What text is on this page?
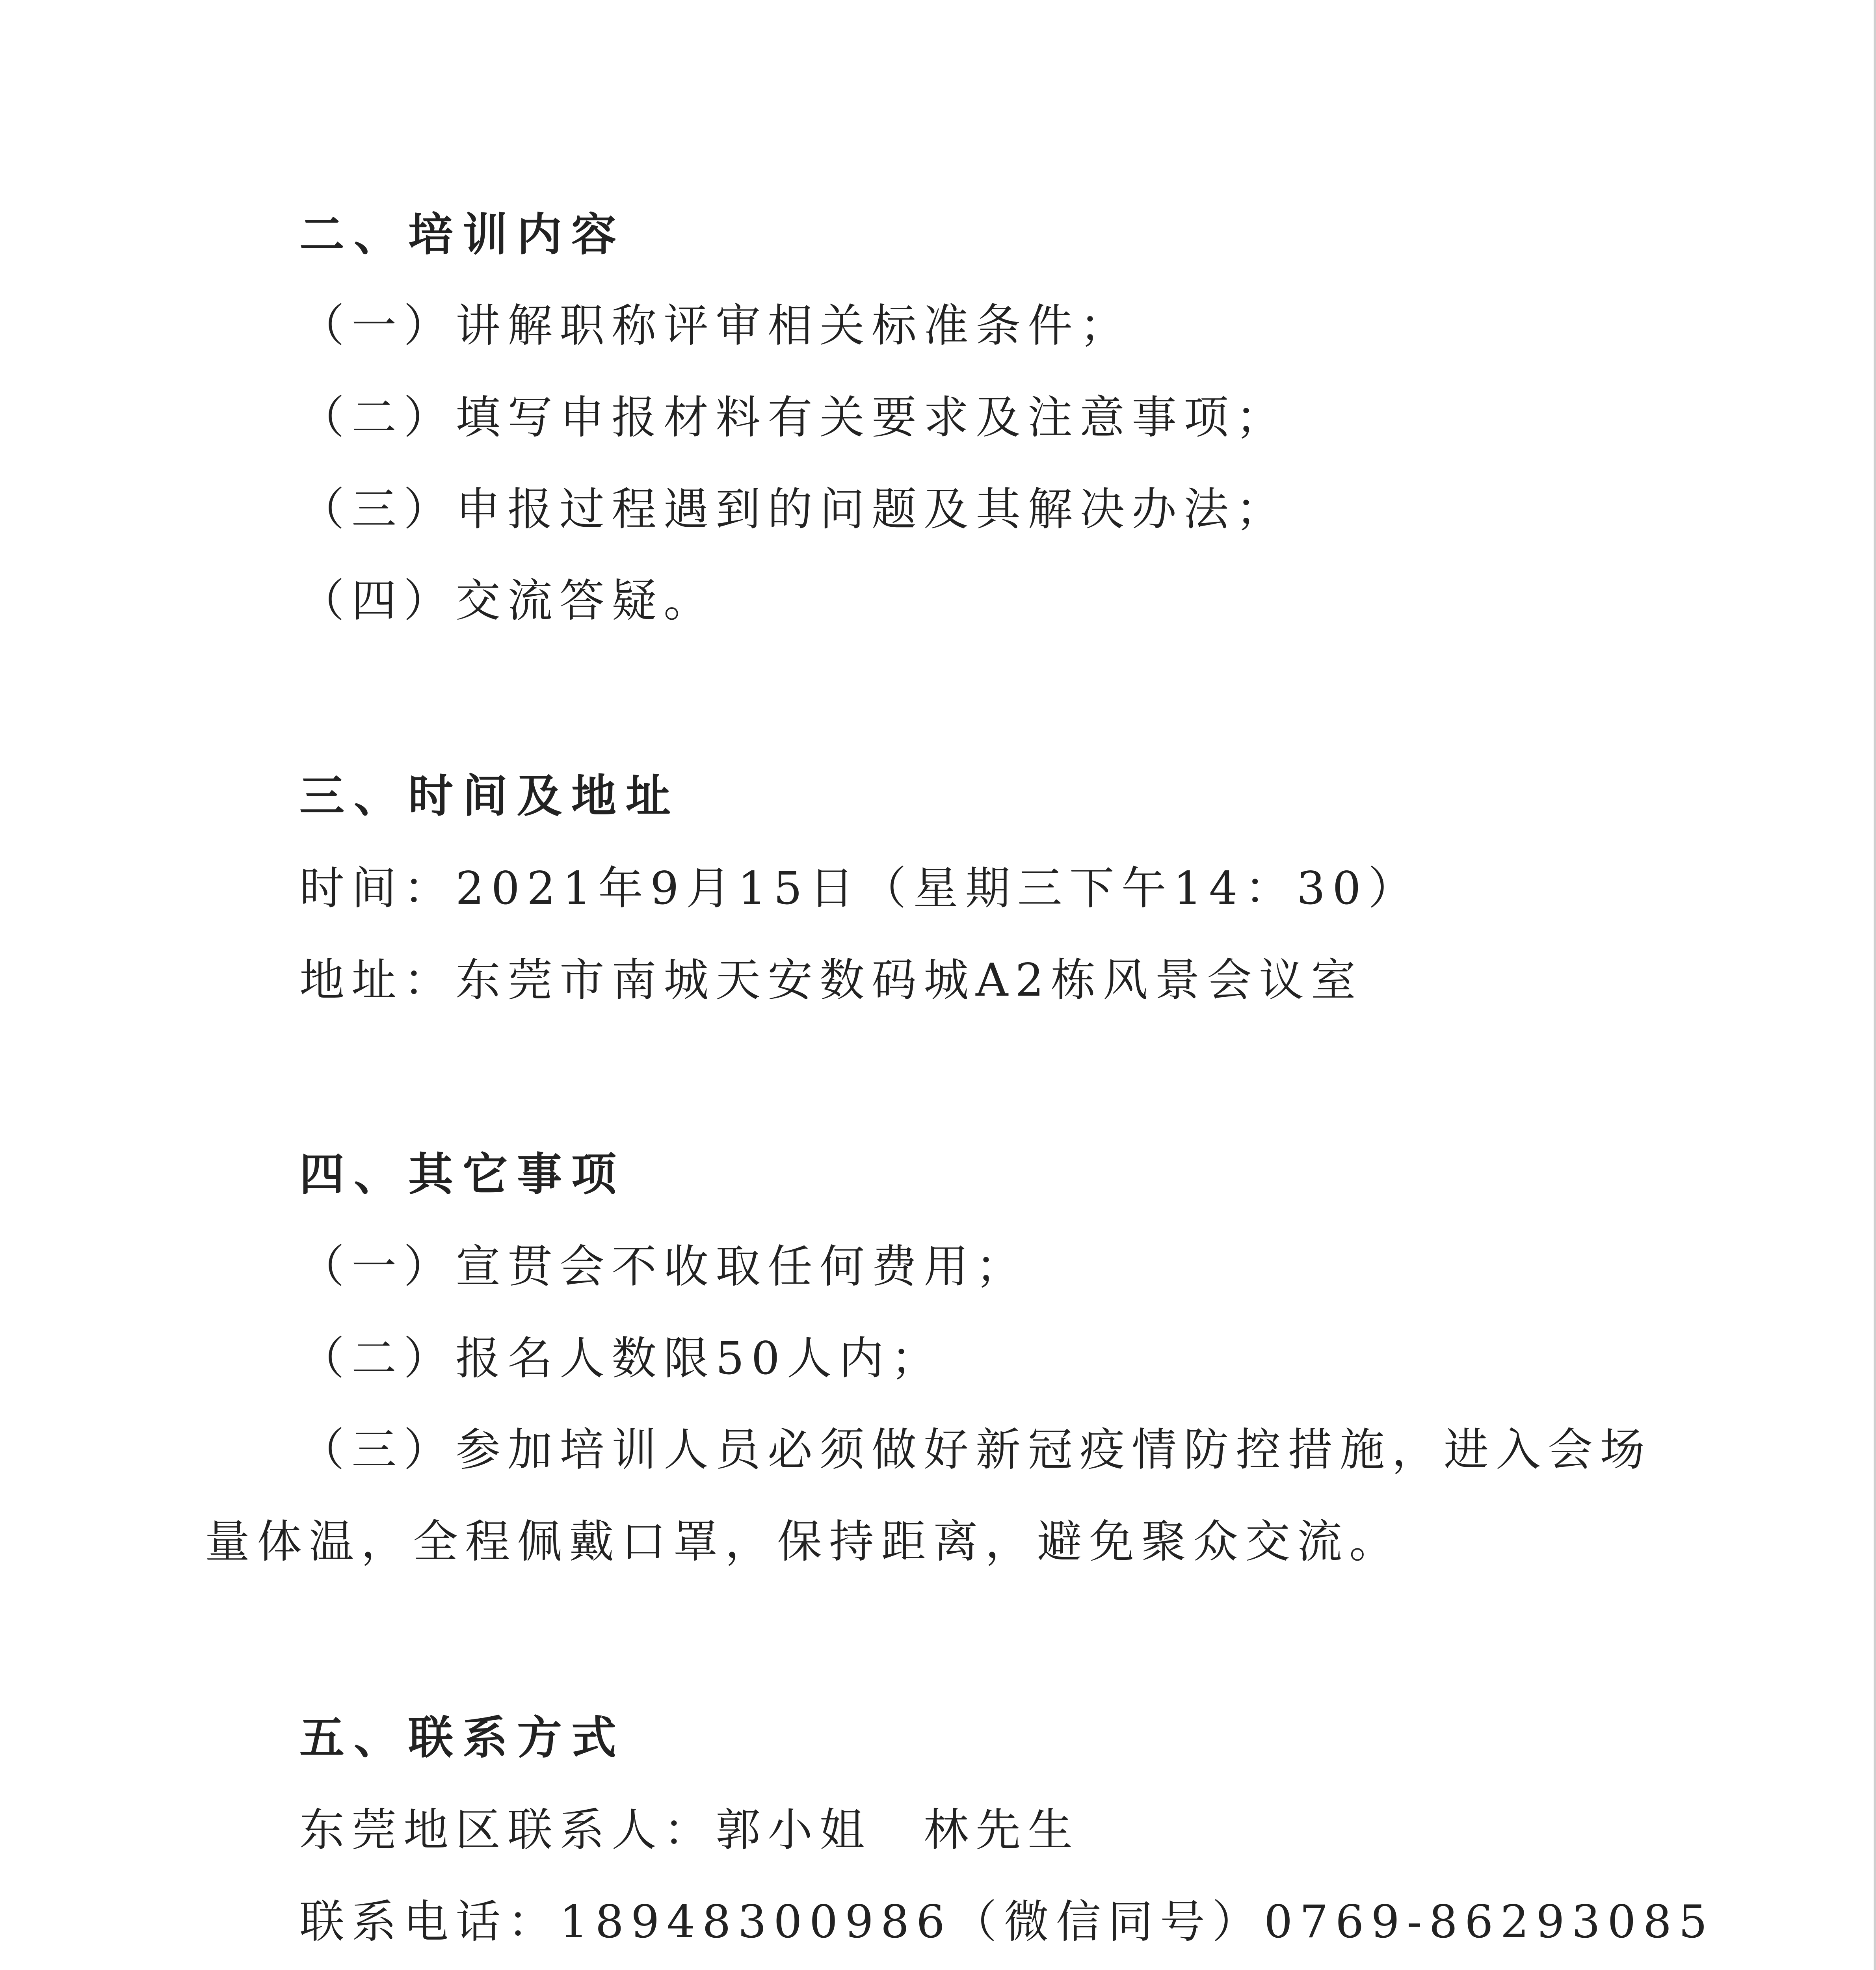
二、培训内容

（一）讲解职称评审相关标准条件；

（二）填写申报材料有关要求及注意事项；

（三）申报过程遇到的问题及其解决办法；

（四）交流答疑。

三、时间及地址

时间：2021年9月15日（星期三下午14：30）

地址：东莞市南城天安数码城A2栋风景会议室

四、其它事项

（一）宣贯会不收取任何费用；

（二）报名人数限50人内；

（三）参加培训人员必须做好新冠疫情防控措施，进入会场

量体温，全程佩戴口罩，保持距离，避免聚众交流。

五、联系方式

东莞地区联系人：郭小姐　林先生

联系电话：18948300986（微信同号）0769-86293085
